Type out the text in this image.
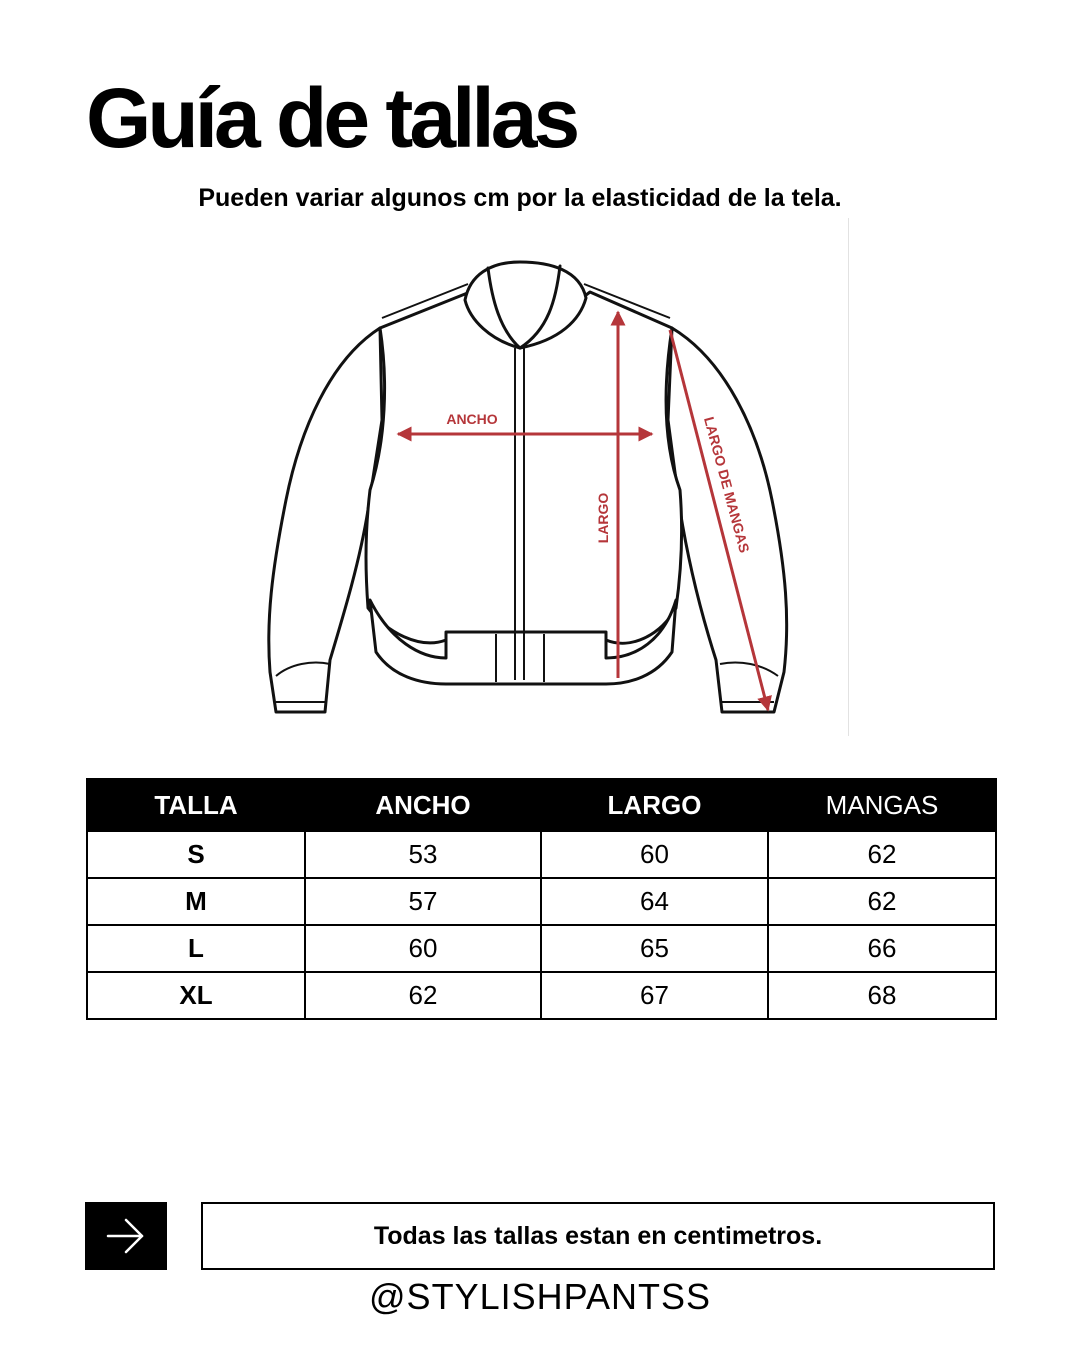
Guía de tallas

Pueden variar algunos cm por la elasticidad de la tela.

ANCHO
LARGO	LARGO DE MANGAS
TALLA	ANCHO	LARGO	MANGAS
S	53	60	62
M	57	64	62
L	60	65	66
XL	62	67	68
Todas las tallas estan en centimetros.
@STYLISHPANTSS
